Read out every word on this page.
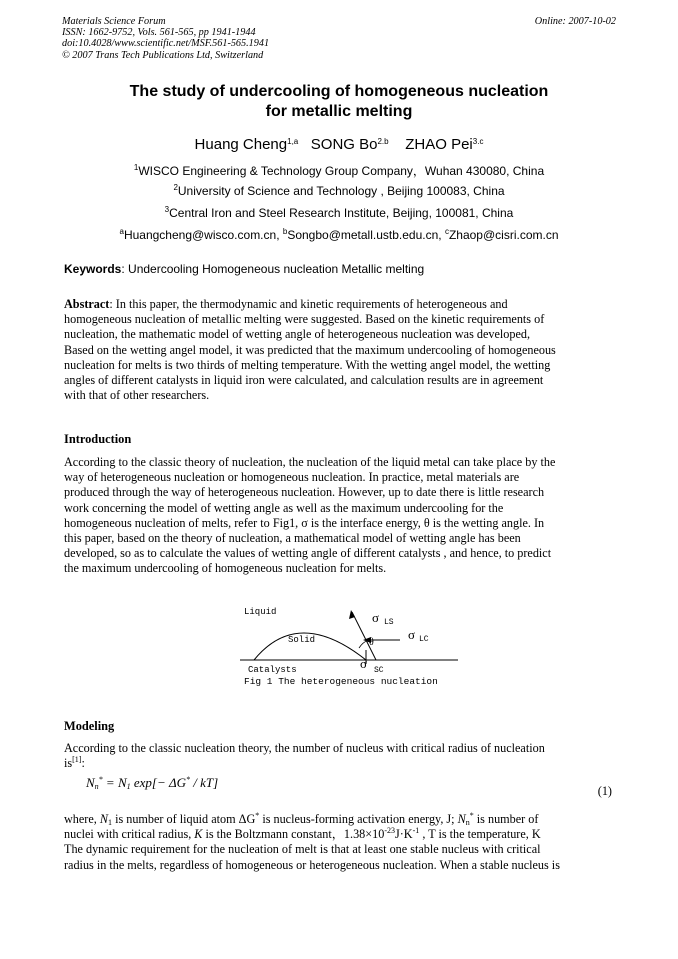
Materials Science Forum
ISSN: 1662-9752, Vols. 561-565, pp 1941-1944
doi:10.4028/www.scientific.net/MSF.561-565.1941
© 2007 Trans Tech Publications Ltd, Switzerland
Online: 2007-10-02
The study of undercooling of homogeneous nucleation
for metallic melting
Huang Cheng$^{1,a}$ SONG $Bo^{2.b}$ ZHAO Pei$^{3.c}$
$^1$WISCO Engineering & Technology Group Company，Wuhan 430080, China
$^2$University of Science and Technology , Beijing 100083, China
$^3$Central Iron and Steel Research Institute, Beijing, 100081, China
$^a$Huangcheng@wisco.com.cn, $^b$Songbo@metall.ustb.edu.cn, $^c$Zhaop@cisri.com.cn
Keywords: Undercooling Homogeneous nucleation Metallic melting
Abstract: In this paper, the thermodynamic and kinetic requirements of heterogeneous and
homogeneous nucleation of metallic melting were suggested. Based on the kinetic requirements of
nucleation, the mathematic model of wetting angle of heterogeneous nucleation was developed,
Based on the wetting angel model, it was predicted that the maximum undercooling of homogeneous
nucleation for melts is two thirds of melting temperature. With the wetting angel model, the wetting
angles of different catalysts in liquid iron were calculated, and calculation results are in agreement
with that of other researchers.
Introduction
According to the classic theory of nucleation, the nucleation of the liquid metal can take place by the
way of heterogeneous nucleation or homogeneous nucleation. In practice, metal materials are
produced through the way of heterogeneous nucleation. However, up to date there is little research
work concerning the model of wetting angle as well as the maximum undercooling for the
homogeneous nucleation of melts, refer to Fig1, σ is the interface energy, θ is the wetting angle. In
this paper, based on the theory of nucleation, a mathematical model of wetting angle has been
developed, so as to calculate the values of wetting angle of different catalysts , and hence, to predict
the maximum undercooling of homogeneous nucleation for melts.
Liquid
Solid
Catalysts
θ
σ LS
σ LC
σ SC
Fig 1 The heterogeneous nucleation
Modeling
According to the classic nucleation theory, the number of nucleus with critical radius of nucleation
is[1]:
$N_n^* = N_1$ exp[− ΔG* / kT]
(1)
where, $N_1$ is number of liquid atom ΔG* is nucleus-forming activation energy, J; $N_n^*$ is number of
nuclei with critical radius, K is the Boltzmann constant，$1.38\times 10^{-23}J\cdot K^{-1}$ , T is the temperature, K
The dynamic requirement for the nucleation of melt is that at least one stable nucleus with critical
radius in the melts, regardless of homogeneous or heterogeneous nucleation. When a stable nucleus is
